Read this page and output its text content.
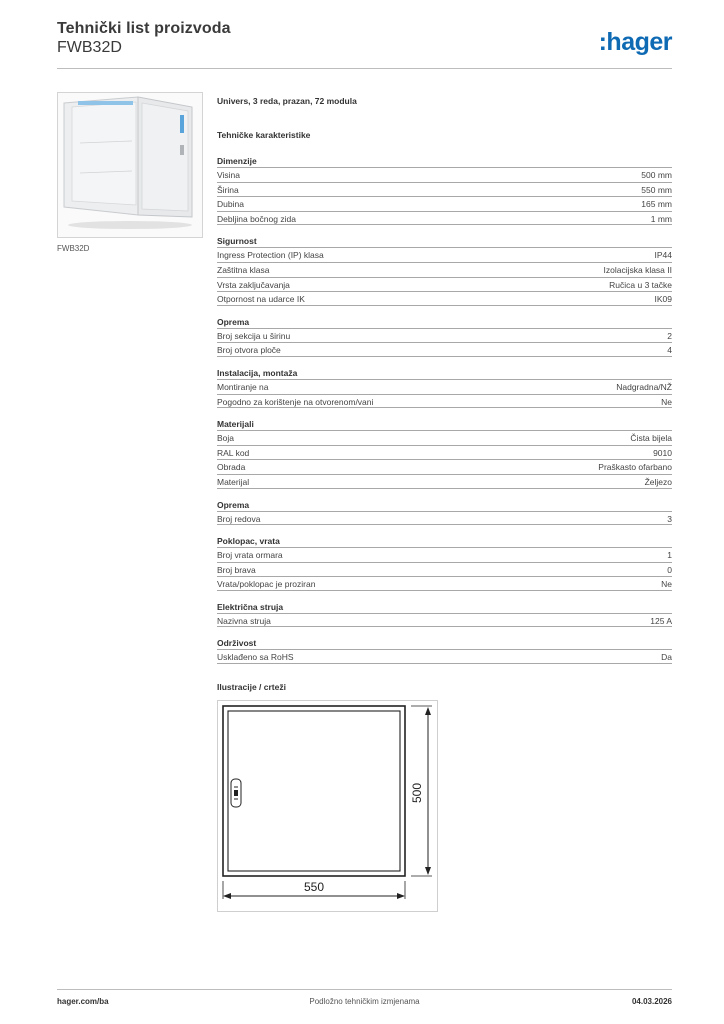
Tehnički list proizvoda
FWB32D	:hager
FWB32D
Univers, 3 reda, prazan, 72 modula
Tehničke karakteristike
Dimenzije
Visina	500 mm
Širina	550 mm
Dubina	165 mm
Debljina bočnog zida	1 mm
Sigurnost
Ingress Protection (IP) klasa	IP44
Zaštitna klasa	Izolacijska klasa II
Vrsta zaključavanja	Ručica u 3 tačke
Otpornost na udarce IK	IK09
Oprema
Broj sekcija u širinu	2
Broj otvora ploče	4
Instalacija, montaža
Montiranje na	Nadgradna/NŽ
Pogodno za korištenje na otvorenom/vani	Ne
Materijali
Boja	Čista bijela
RAL kod	9010
Obrada	Praškasto ofarbano
Materijal	Željezo
Oprema
Broj redova	3
Poklopac, vrata
Broj vrata ormara	1
Broj brava	0
Vrata/poklopac je proziran	Ne
Električna struja
Nazivna struja	125 A
Održivost
Usklađeno sa RoHS	Da
Ilustracije / crteži
500
550
hager.com/ba	Podložno tehničkim izmjenama	04.03.2026
